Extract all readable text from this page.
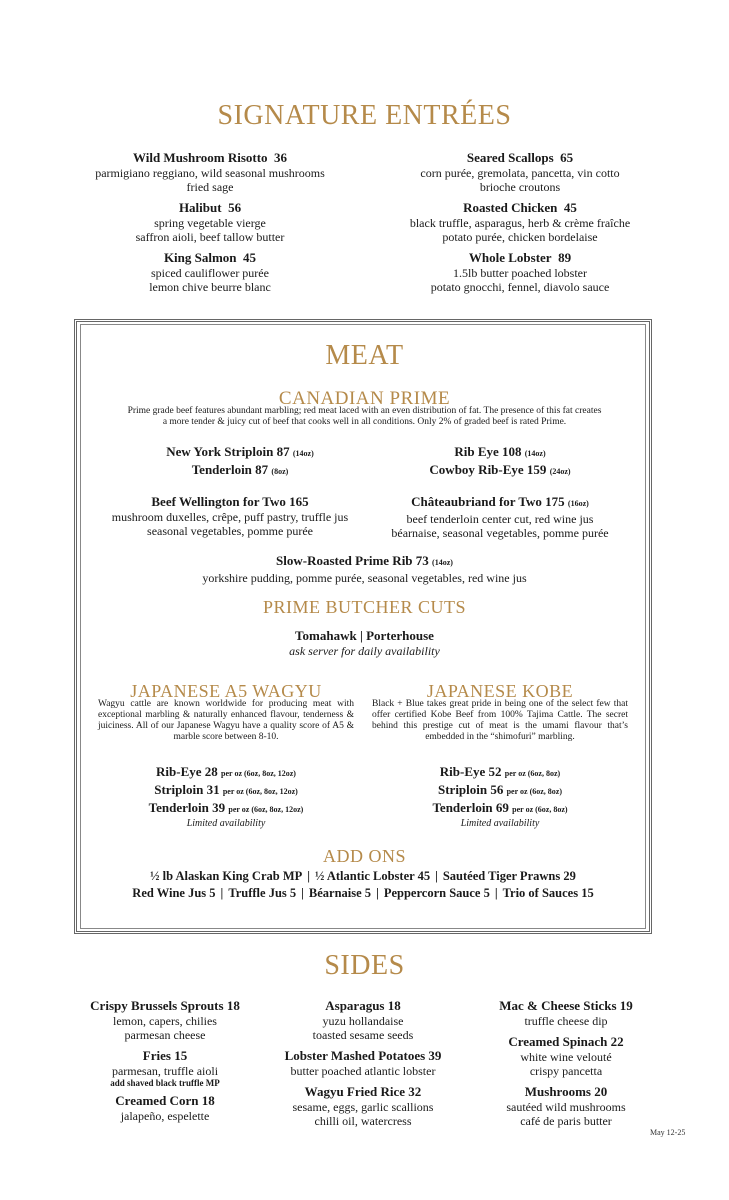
SIGNATURE ENTRÉES
Wild Mushroom Risotto 36
parmigiano reggiano, wild seasonal mushrooms
fried sage
Halibut 56
spring vegetable vierge
saffron aioli, beef tallow butter
King Salmon 45
spiced cauliflower purée
lemon chive beurre blanc
Seared Scallops 65
corn purée, gremolata, pancetta, vin cotto
brioche croutons
Roasted Chicken 45
black truffle, asparagus, herb & crème fraîche
potato purée, chicken bordelaise
Whole Lobster 89
1.5lb butter poached lobster
potato gnocchi, fennel, diavolo sauce
MEAT
CANADIAN PRIME
Prime grade beef features abundant marbling; red meat laced with an even distribution of fat. The presence of this fat creates
a more tender & juicy cut of beef that cooks well in all conditions. Only 2% of graded beef is rated Prime.
New York Striploin 87 (14oz)
Tenderloin 87 (8oz)
Rib Eye 108 (14oz)
Cowboy Rib-Eye 159 (24oz)
Beef Wellington for Two 165
mushroom duxelles, crêpe, puff pastry, truffle jus
seasonal vegetables, pomme purée
Châteaubriand for Two 175 (16oz)
beef tenderloin center cut, red wine jus
béarnaise, seasonal vegetables, pomme purée
Slow-Roasted Prime Rib 73 (14oz)
yorkshire pudding, pomme purée, seasonal vegetables, red wine jus
PRIME BUTCHER CUTS
Tomahawk | Porterhouse
ask server for daily availability
JAPANESE A5 WAGYU
Wagyu cattle are known worldwide for producing meat with exceptional marbling & naturally enhanced flavour, tenderness & juiciness. All of our Japanese Wagyu have a quality score of A5 & marble score between 8-10.
Rib-Eye 28 per oz (6oz, 8oz, 12oz)
Striploin 31 per oz (6oz, 8oz, 12oz)
Tenderloin 39 per oz (6oz, 8oz, 12oz)
Limited availability
JAPANESE KOBE
Black + Blue takes great pride in being one of the select few that offer certified Kobe Beef from 100% Tajima Cattle. The secret behind this prestige cut of meat is the umami flavour that’s embedded in the “shimofuri” marbling.
Rib-Eye 52 per oz (6oz, 8oz)
Striploin 56 per oz (6oz, 8oz)
Tenderloin 69 per oz (6oz, 8oz)
Limited availability
ADD ONS
½ lb Alaskan King Crab MP | ½ Atlantic Lobster 45 | Sautéed Tiger Prawns 29
Red Wine Jus 5 | Truffle Jus 5 | Béarnaise 5 | Peppercorn Sauce 5 | Trio of Sauces 15
SIDES
Crispy Brussels Sprouts 18
lemon, capers, chilies
parmesan cheese
Fries 15
parmesan, truffle aioli
add shaved black truffle MP
Creamed Corn 18
jalapeño, espelette
Asparagus 18
yuzu hollandaise
toasted sesame seeds
Lobster Mashed Potatoes 39
butter poached atlantic lobster
Wagyu Fried Rice 32
sesame, eggs, garlic scallions
chilli oil, watercress
Mac & Cheese Sticks 19
truffle cheese dip
Creamed Spinach 22
white wine velouté
crispy pancetta
Mushrooms 20
sautéed wild mushrooms
café de paris butter
May 12-25
